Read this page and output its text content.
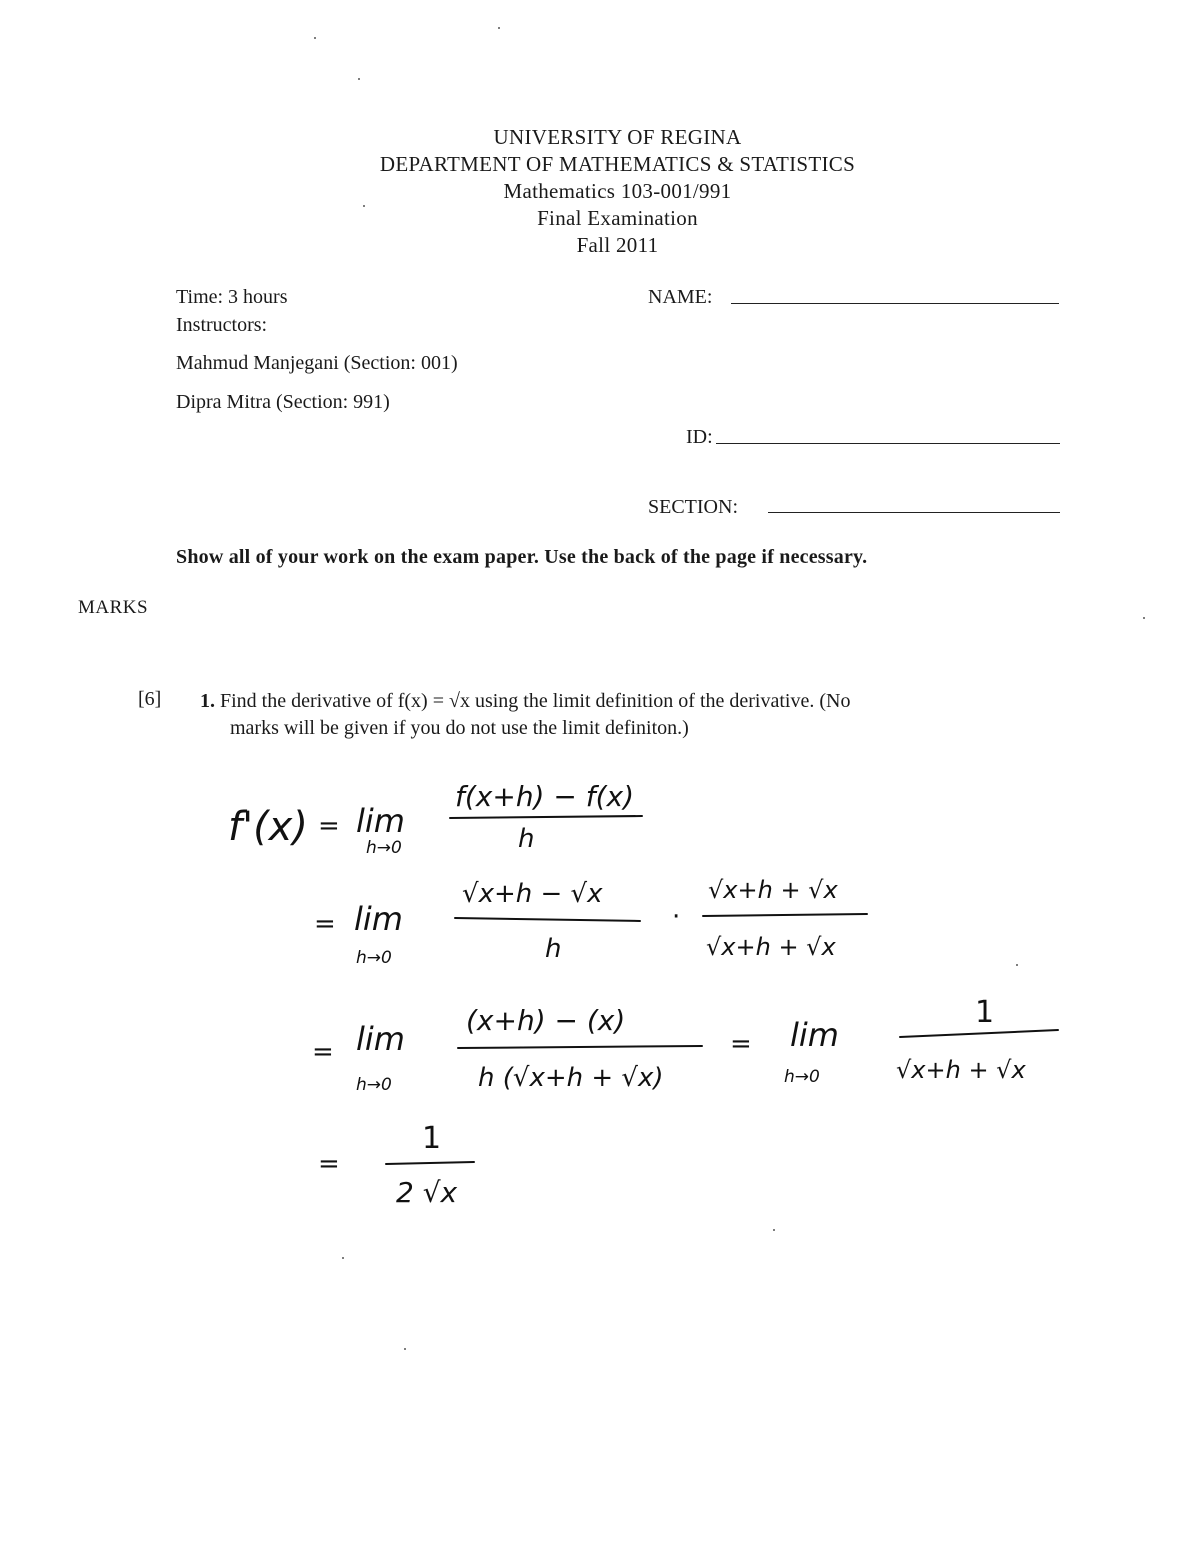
UNIVERSITY OF REGINA
DEPARTMENT OF MATHEMATICS & STATISTICS
Mathematics 103-001/991
Final Examination
Fall 2011
Time: 3 hours
Instructors:
Mahmud Manjegani (Section: 001)
Dipra Mitra (Section: 991)
NAME:
ID:
SECTION:
Show all of your work on the exam paper. Use the back of the page if necessary.
MARKS
[6] 1. Find the derivative of f(x) = √x using the limit definition of the derivative. (No
marks will be given if you do not use the limit definiton.)
f'(x) = lim
h→0
f(x+h) − f(x)
h
= lim
h→0
√x+h − √x
h
·
√x+h + √x
√x+h + √x
= lim
h→0
(x+h) − (x)
h (√x+h + √x)
= lim
h→0
1
√x+h + √x
=
1
2 √x
